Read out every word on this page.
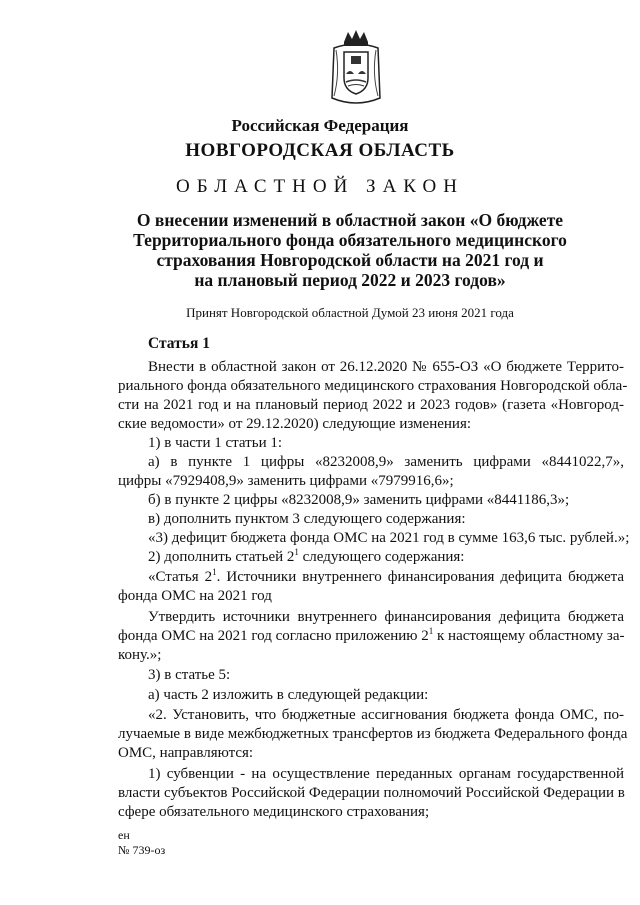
Российская Федерация
НОВГОРОДСКАЯ ОБЛАСТЬ
ОБЛАСТНОЙ ЗАКОН
О внесении изменений в областной закон «О бюджете
Территориального фонда обязательного медицинского
страхования Новгородской области на 2021 год и
на плановый период 2022 и 2023 годов»
Принят Новгородской областной Думой 23 июня 2021 года
Статья 1
Внести в областной закон от 26.12.2020 № 655-ОЗ «О бюджете Террито-
риального фонда обязательного медицинского страхования Новгородской обла-
сти на 2021 год и на плановый период 2022 и 2023 годов» (газета «Новгород-
ские ведомости» от 29.12.2020) следующие изменения:
1) в части 1 статьи 1:
а) в пункте 1 цифры «8232008,9» заменить цифрами «8441022,7»,
цифры «7929408,9» заменить цифрами «7979916,6»;
б) в пункте 2 цифры «8232008,9» заменить цифрами «8441186,3»;
в) дополнить пунктом 3 следующего содержания:
«3) дефицит бюджета фонда ОМС на 2021 год в сумме 163,6 тыс. рублей.»;
2) дополнить статьей $2^1$ следующего содержания:
«Статья $2^1$. Источники внутреннего финансирования дефицита бюджета
фонда ОМС на 2021 год
Утвердить источники внутреннего финансирования дефицита бюджета
фонда ОМС на 2021 год согласно приложению $2^1$ к настоящему областному за-
кону.»;
3) в статье 5:
а) часть 2 изложить в следующей редакции:
«2. Установить, что бюджетные ассигнования бюджета фонда ОМС, по-
лучаемые в виде межбюджетных трансфертов из бюджета Федерального фонда
ОМС, направляются:
1) субвенции - на осуществление переданных органам государственной
власти субъектов Российской Федерации полномочий Российской Федерации в
сфере обязательного медицинского страхования;
ен
№ 739-оз
